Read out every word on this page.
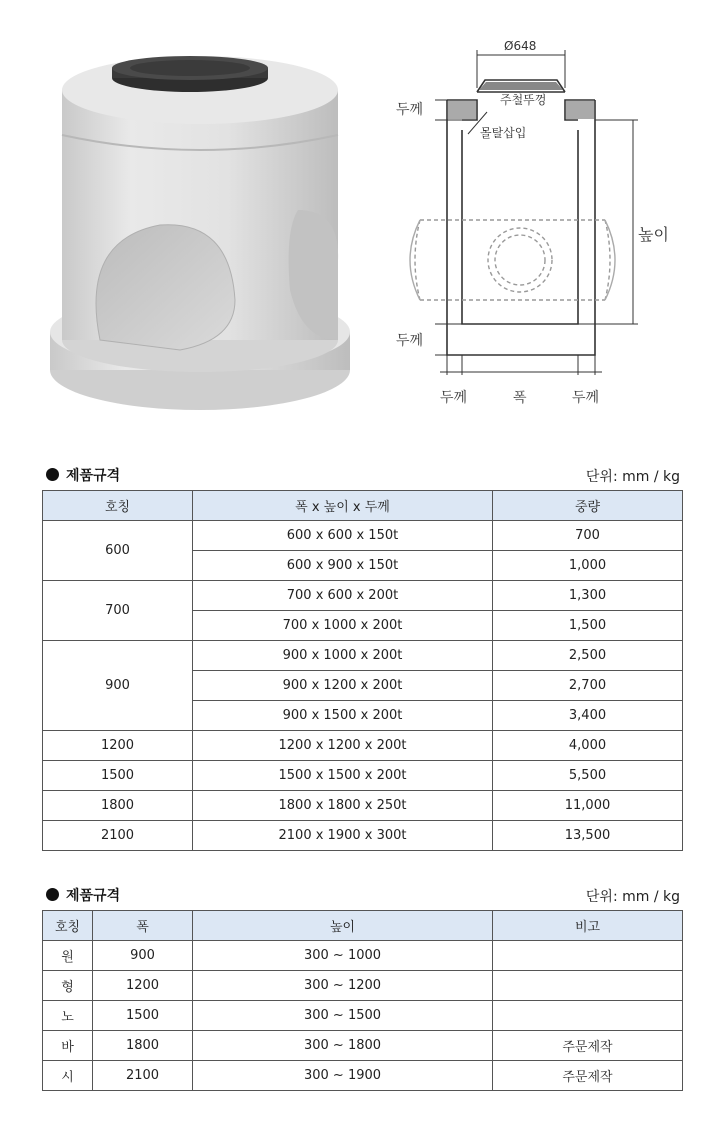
Ø648
주철뚜껑
몰탈삽입
두께
높이
두께
두께	폭	두께
제품규격	단위: mm / kg
호칭	폭 x 높이 x 두께	중량
600	600 x 600 x 150t	700
	600 x 900 x 150t	1,000
700	700 x 600 x 200t	1,300
	700 x 1000 x 200t	1,500
900	900 x 1000 x 200t	2,500
	900 x 1200 x 200t	2,700
	900 x 1500 x 200t	3,400
1200	1200 x 1200 x 200t	4,000
1500	1500 x 1500 x 200t	5,500
1800	1800 x 1800 x 250t	11,000
2100	2100 x 1900 x 300t	13,500
제품규격	단위: mm / kg
호칭	폭	높이	비고
원	900	300 ~ 1000	
형	1200	300 ~ 1200	
노	1500	300 ~ 1500	
바	1800	300 ~ 1800	주문제작
시	2100	300 ~ 1900	주문제작
